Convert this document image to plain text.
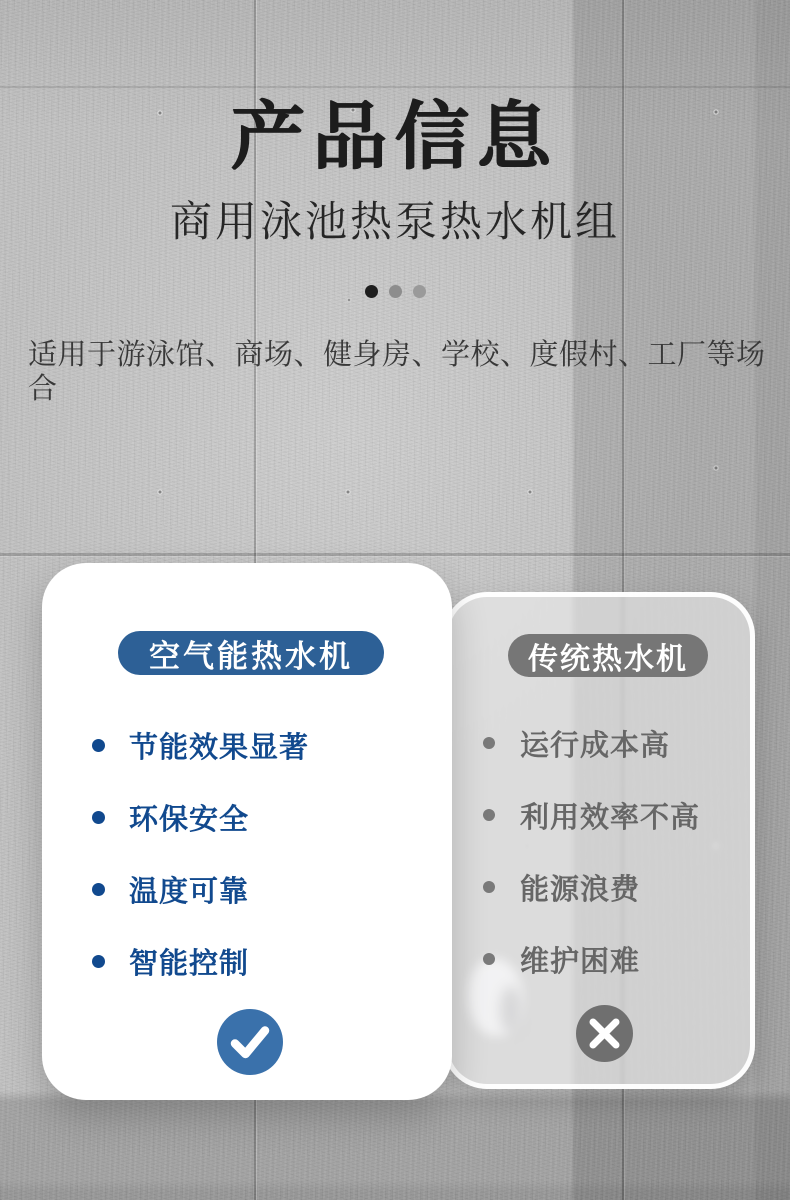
产品信息
商用泳池热泵热水机组
适用于游泳馆、商场、健身房、学校、度假村、工厂等场合
空气能热水机
节能效果显著
环保安全
温度可靠
智能控制
传统热水机
运行成本高
利用效率不高
能源浪费
维护困难
